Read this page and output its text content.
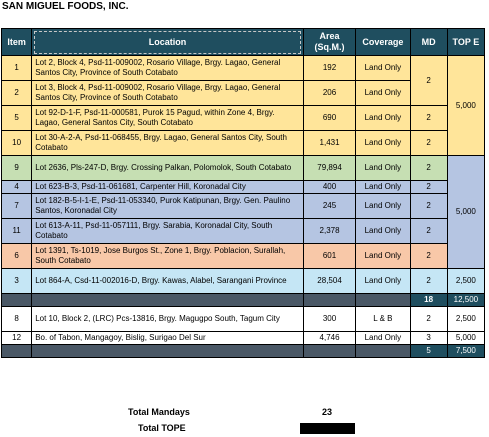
SAN MIGUEL FOODS, INC.
Item	Location	Area (Sq.M.)	Coverage	MD	TOP E
1	Lot 2, Block 4, Psd-11-009002, Rosario Village, Brgy. Lagao, General Santos City, Province of South Cotabato	192	Land Only	2	5,000
2	Lot 3, Block 4, Psd-11-009002, Rosario Village, Brgy. Lagao, General Santos City, Province of South Cotabato	206	Land Only		
5	Lot 92-D-1-F, Psd-11-000581, Purok 15 Pagud, within Zone 4, Brgy. Lagao, General Santos City, South Cotabato	690	Land Only	2	
10	Lot 30-A-2-A, Psd-11-068455, Brgy. Lagao, General Santos City, South Cotabato	1,431	Land Only	2	
9	Lot 2636, Pls-247-D, Brgy. Crossing Palkan, Polomolok, South Cotabato	79,894	Land Only	2	5,000
4	Lot 623-B-3, Psd-11-061681, Carpenter Hill, Koronadal City	400	Land Only	2	
7	Lot 182-B-5-I-1-E, Psd-11-053340, Purok Katipunan, Brgy. Gen. Paulino Santos, Koronadal City	245	Land Only	2	
11	Lot 613-A-11, Psd-11-057111, Brgy. Sarabia, Koronadal City, South Cotabato	2,378	Land Only	2	
6	Lot 1391, Ts-1019, Jose Burgos St., Zone 1, Brgy. Poblacion, Surallah, South Cotabato	601	Land Only	2	
3	Lot 864-A, Csd-11-002016-D, Brgy. Kawas, Alabel, Sarangani Province	28,504	Land Only	2	2,500
				18	12,500
8	Lot 10, Block 2, (LRC) Pcs-13816, Brgy. Magugpo South, Tagum City	300	L & B	2	2,500
12	Bo. of Tabon, Mangagoy, Bislig, Surigao Del Sur	4,746	Land Only	3	5,000
				5	7,500
Total Mandays	23
Total TOPE
